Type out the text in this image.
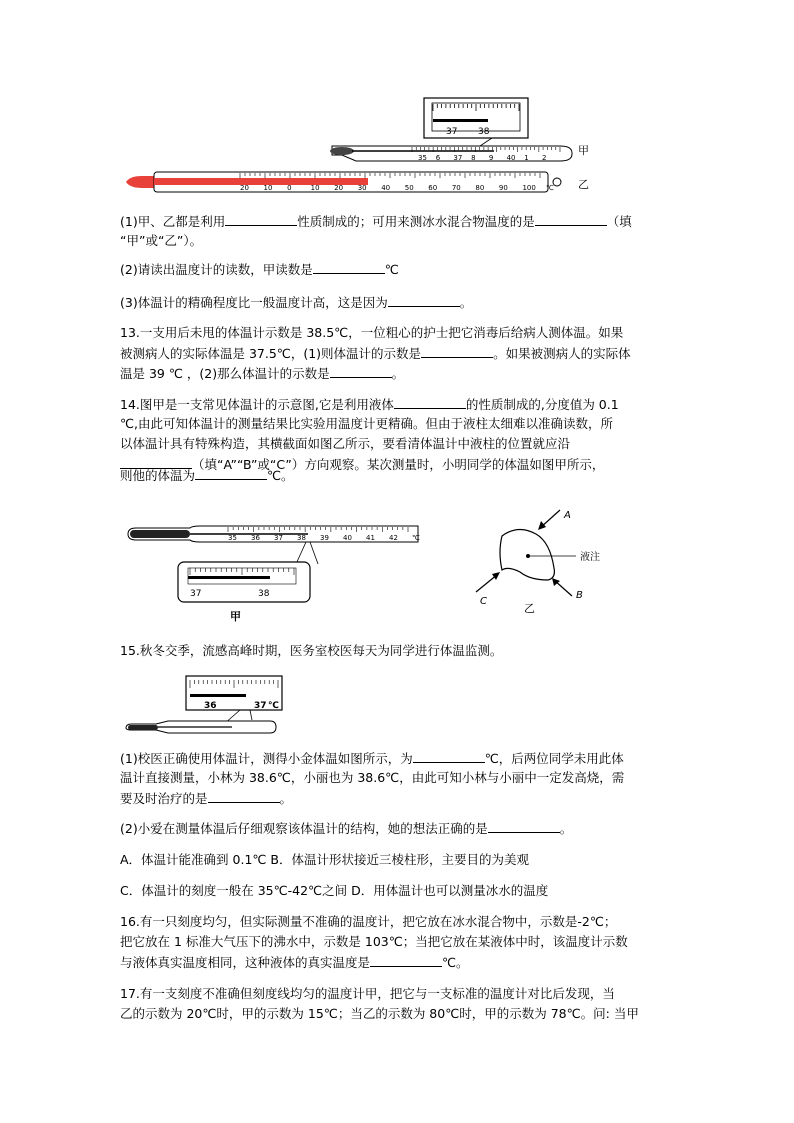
37 38
35 6 37 8 9 40 1 2
甲
20 10 0	10 20 30 40 50 60 70 80 90 100 ℃ 乙
(1)甲、乙都是利用	性质制成的；可用来测冰水混合物温度的是	（填
“甲”或“乙”）。
(2)请读出温度计的读数，甲读数是	℃
(3)体温计的精确程度比一般温度计高，这是因为	。
13.一支用后未甩的体温计示数是 38.5℃，一位粗心的护士把它消毒后给病人测体温。如果
被测病人的实际体温是 37.5℃，(1)则体温计的示数是	。如果被测病人的实际体
温是 39 ℃ ，(2)那么体温计的示数是	。
14.图甲是一支常见体温计的示意图,它是利用液体	的性质制成的,分度值为 0.1
℃,由此可知体温计的测量结果比实验用温度计更精确。但由于液柱太细难以准确读数，所
以体温计具有特殊构造，其横截面如图乙所示，要看清体温计中液柱的位置就应沿
（填“A”“B”或“C”）方向观察。某次测量时，小明同学的体温如图甲所示，
则他的体温为	℃。
35 36 37 38 39 40 41 42 ℃
37	38
甲
液注
A
C
B
乙
15.秋冬交季，流感高峰时期，医务室校医每天为同学进行体温监测。
36	37 ℃
(1)校医正确使用体温计，测得小金体温如图所示，为	℃，后两位同学未用此体
温计直接测量，小林为 38.6℃，小丽也为 38.6℃，由此可知小林与小丽中一定发高烧，需
要及时治疗的是	。
(2)小爱在测量体温后仔细观察该体温计的结构，她的想法正确的是	。
A．体温计能准确到 0.1℃ B．体温计形状接近三棱柱形，主要目的为美观
C．体温计的刻度一般在 35℃-42℃之间 D．用体温计也可以测量冰水的温度
16.有一只刻度均匀，但实际测量不准确的温度计，把它放在冰水混合物中，示数是-2℃；
把它放在 1 标准大气压下的沸水中，示数是 103℃；当把它放在某液体中时，该温度计示数
与液体真实温度相同，这种液体的真实温度是	℃。
17.有一支刻度不准确但刻度线均匀的温度计甲，把它与一支标准的温度计对比后发现，当
乙的示数为 20℃时，甲的示数为 15℃；当乙的示数为 80℃时，甲的示数为 78℃。问: 当甲
